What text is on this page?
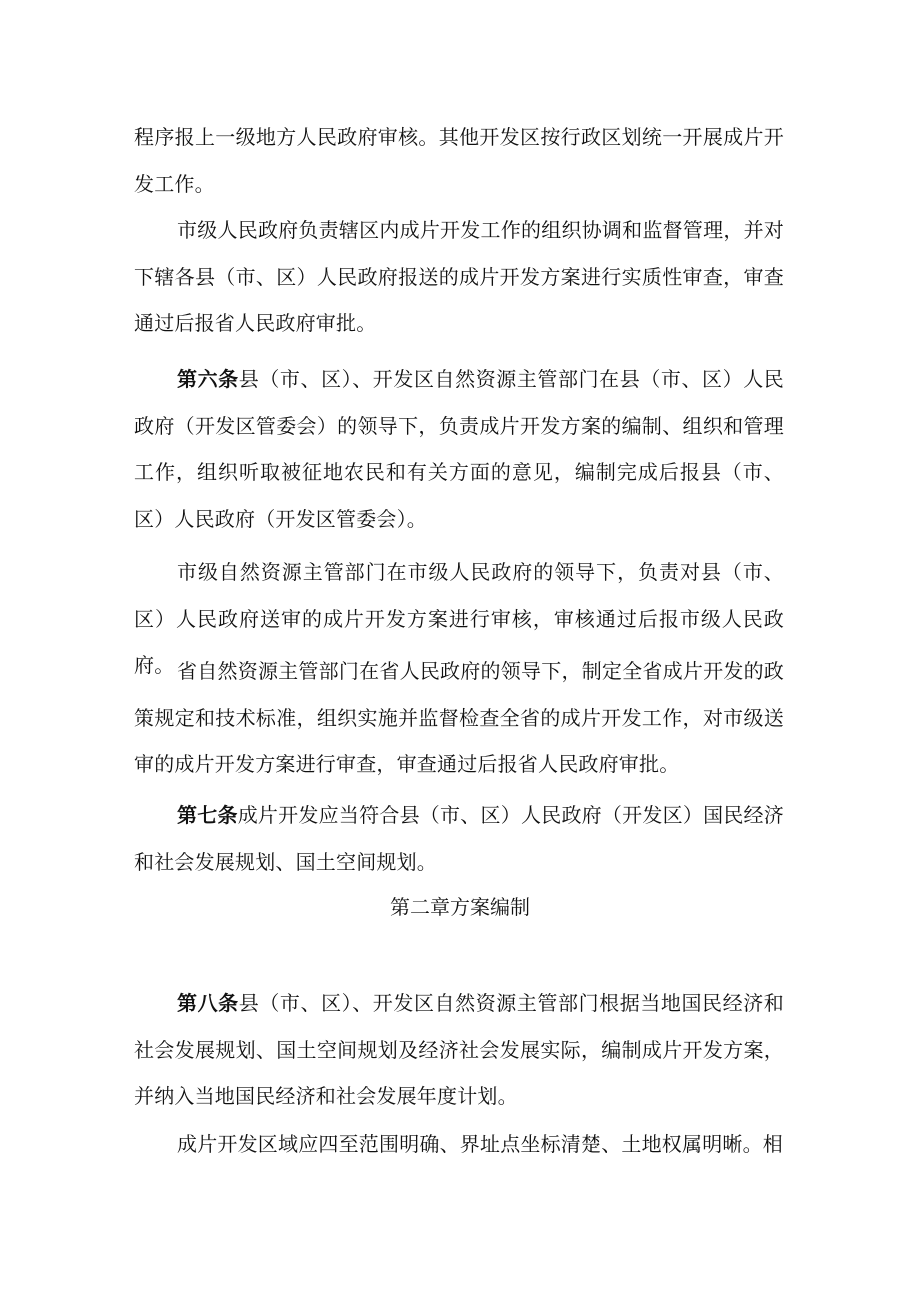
程序报上一级地方人民政府审核。其他开发区按行政区划统一开展成片开发工作。

市级人民政府负责辖区内成片开发工作的组织协调和监督管理，并对下辖各县（市、区）人民政府报送的成片开发方案进行实质性审查，审查通过后报省人民政府审批。

第六条县（市、区）、开发区自然资源主管部门在县（市、区）人民政府（开发区管委会）的领导下，负责成片开发方案的编制、组织和管理工作，组织听取被征地农民和有关方面的意见，编制完成后报县（市、区）人民政府（开发区管委会）。

市级自然资源主管部门在市级人民政府的领导下，负责对县（市、区）人民政府送审的成片开发方案进行审核，审核通过后报市级人民政府。 省自然资源主管部门在省人民政府的领导下，制定全省成片开发的政策规定和技术标准，组织实施并监督检查全省的成片开发工作，对市级送审的成片开发方案进行审查，审查通过后报省人民政府审批。

第七条成片开发应当符合县（市、区）人民政府（开发区）国民经济和社会发展规划、国土空间规划。

第二章方案编制

第八条县（市、区）、开发区自然资源主管部门根据当地国民经济和社会发展规划、国土空间规划及经济社会发展实际，编制成片开发方案，并纳入当地国民经济和社会发展年度计划。

成片开发区域应四至范围明确、界址点坐标清楚、土地权属明晰。相
